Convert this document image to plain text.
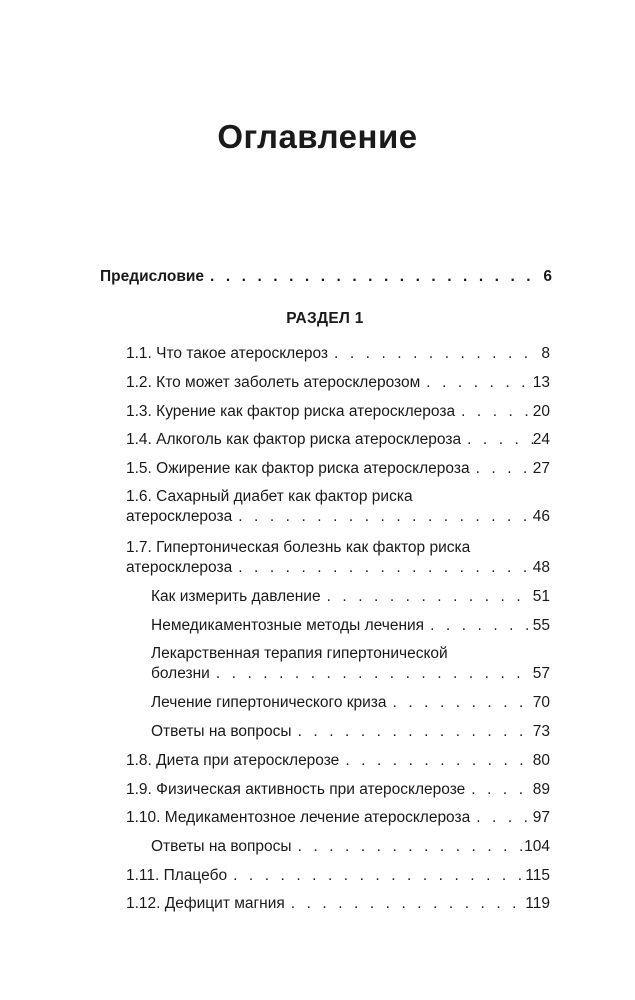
Оглавление
Предисловие . . .	6
РАЗДЕЛ 1
1.1. Что такое атеросклероз . . .	8
1.2. Кто может заболеть атеросклерозом . . .	13
1.3. Курение как фактор риска атеросклероза . . .	20
1.4. Алкоголь как фактор риска атеросклероза . . .	24
1.5. Ожирение как фактор риска атеросклероза . . .	27
1.6. Сахарный диабет как фактор риска
атеросклероза . . .	46
1.7. Гипертоническая болезнь как фактор риска
атеросклероза . . .	48
Как измерить давление . . .	51
Немедикаментозные методы лечения . . .	55
Лекарственная терапия гипертонической
болезни . . .	57
Лечение гипертонического криза . . .	70
Ответы на вопросы . . .	73
1.8. Диета при атеросклерозе . . .	80
1.9. Физическая активность при атеросклерозе . . .	89
1.10. Медикаментозное лечение атеросклероза . . .	97
Ответы на вопросы . . .	104
1.11. Плацебо . . .	115
1.12. Дефицит магния . . .	119
